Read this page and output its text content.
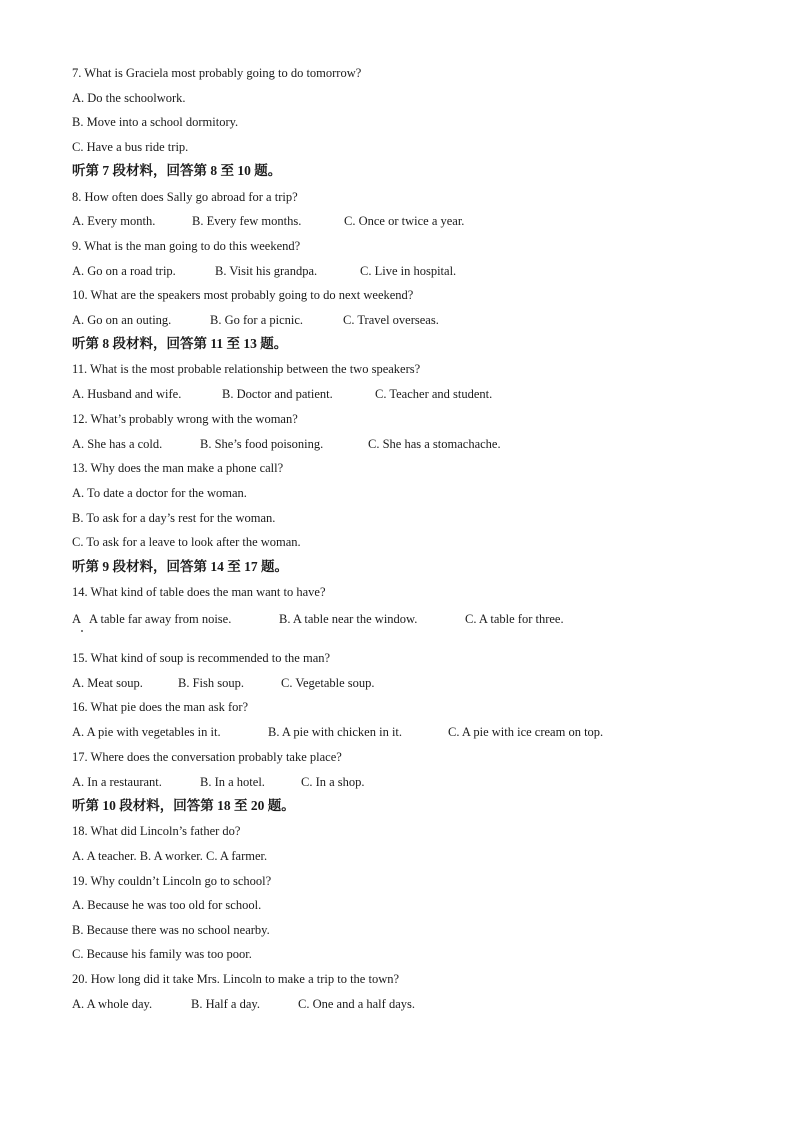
7. What is Graciela most probably going to do tomorrow?
A. Do the schoolwork.
B. Move into a school dormitory.
C. Have a bus ride trip.
听第 7 段材料，回答第 8 至 10 题。
8. How often does Sally go abroad for a trip?
A. Every month.	B. Every few months.	C. Once or twice a year.
9. What is the man going to do this weekend?
A. Go on a road trip.	B. Visit his grandpa.	C. Live in hospital.
10. What are the speakers most probably going to do next weekend?
A. Go on an outing.	B. Go for a picnic.	C. Travel overseas.
听第 8 段材料，回答第 11 至 13 题。
11. What is the most probable relationship between the two speakers?
A. Husband and wife.	B. Doctor and patient.	C. Teacher and student.
12. What’s probably wrong with the woman?
A. She has a cold.	B. She’s food poisoning.	C. She has a stomachache.
13. Why does the man make a phone call?
A. To date a doctor for the woman.
B. To ask for a day’s rest for the woman.
C. To ask for a leave to look after the woman.
听第 9 段材料，回答第 14 至 17 题。
14. What kind of table does the man want to have?
A   A table far away from noise.	B. A table near the window.	C. A table for three.
15. What kind of soup is recommended to the man?
A. Meat soup.	B. Fish soup.	C. Vegetable soup.
16. What pie does the man ask for?
A. A pie with vegetables in it.	B. A pie with chicken in it.	C. A pie with ice cream on top.
17. Where does the conversation probably take place?
A. In a restaurant.	B. In a hotel.	C. In a shop.
听第 10 段材料，回答第 18 至 20 题。
18. What did Lincoln’s father do?
A. A teacher. B. A worker. C. A farmer.
19. Why couldn’t Lincoln go to school?
A. Because he was too old for school.
B. Because there was no school nearby.
C. Because his family was too poor.
20. How long did it take Mrs. Lincoln to make a trip to the town?
A. A whole day.	B. Half a day.	C. One and a half days.
